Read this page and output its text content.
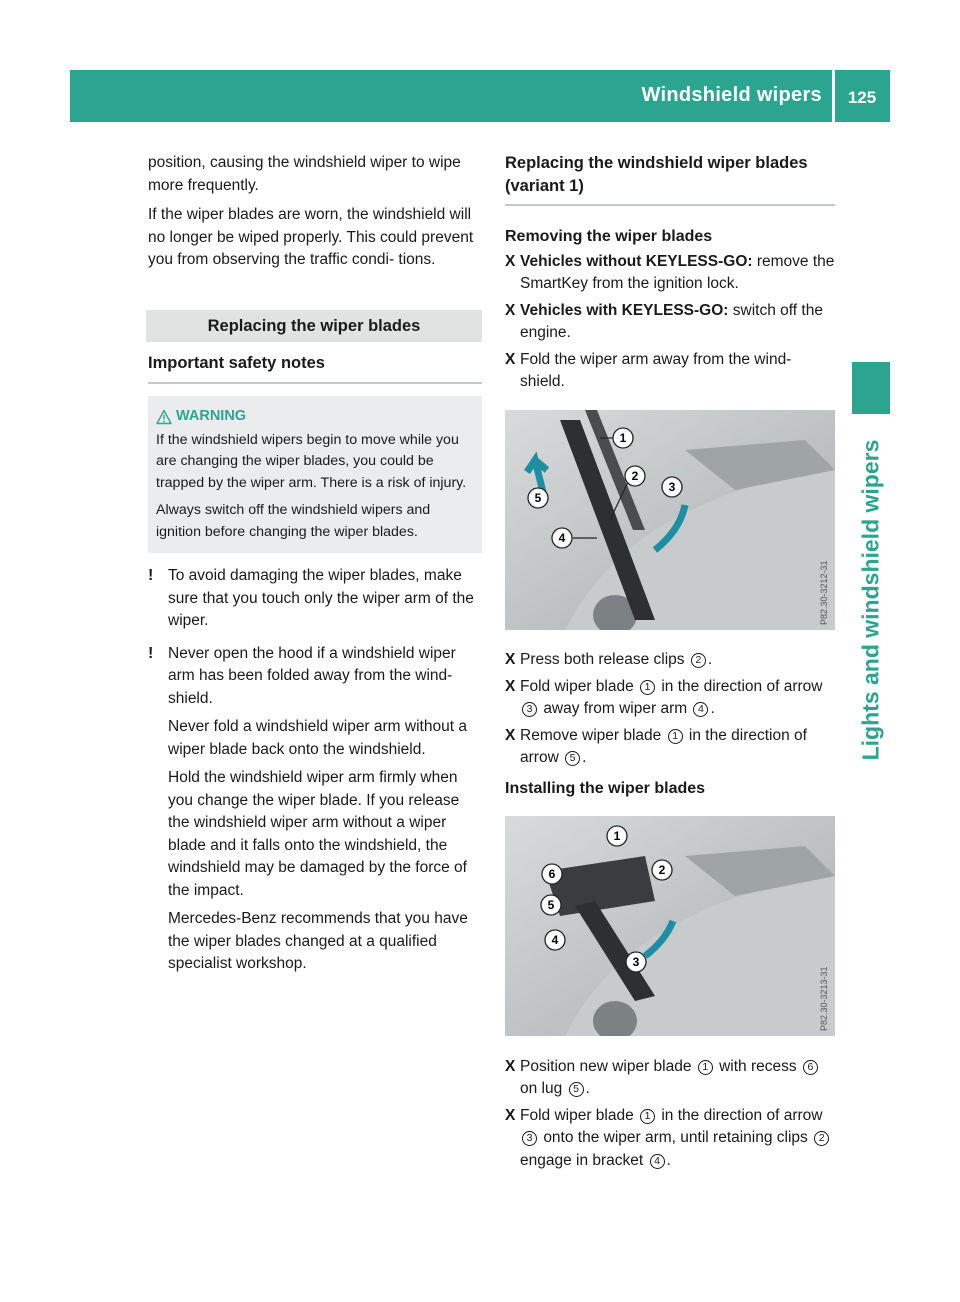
Windshield wipers	125
Lights and windshield wipers

position, causing the windshield wiper to wipe more frequently.

If the wiper blades are worn, the windshield will no longer be wiped properly. This could prevent you from observing the traffic condi- tions.

Replacing the wiper blades
Important safety notes
WARNING

If the windshield wipers begin to move while you are changing the wiper blades, you could be trapped by the wiper arm. There is a risk of injury.

Always switch off the windshield wipers and ignition before changing the wiper blades.

! To avoid damaging the wiper blades, make sure that you touch only the wiper arm of the wiper.

! Never open the hood if a windshield wiper arm has been folded away from the wind- shield.

Never fold a windshield wiper arm without a wiper blade back onto the windshield.

Hold the windshield wiper arm firmly when you change the wiper blade. If you release the windshield wiper arm without a wiper blade and it falls onto the windshield, the windshield may be damaged by the force of the impact.

Mercedes-Benz recommends that you have the wiper blades changed at a qualified specialist workshop.

Replacing the windshield wiper blades (variant 1)
Removing the wiper blades
X Vehicles without KEYLESS-GO: remove the SmartKey from the ignition lock.
X Vehicles with KEYLESS-GO: switch off the engine.
X Fold the wiper arm away from the wind- shield.
1
2
3
4
5
P82.30-3212-31
X Press both release clips 2 .
X Fold wiper blade 1 in the direction of arrow 3 away from wiper arm 4 .
X Remove wiper blade 1 in the direction of arrow 5 .
Installing the wiper blades
1
2
3
4
5
6
P82.30-3213-31
X Position new wiper blade 1 with recess 6 on lug 5 .
X Fold wiper blade 1 in the direction of arrow 3 onto the wiper arm, until retaining clips 2 engage in bracket 4 .
